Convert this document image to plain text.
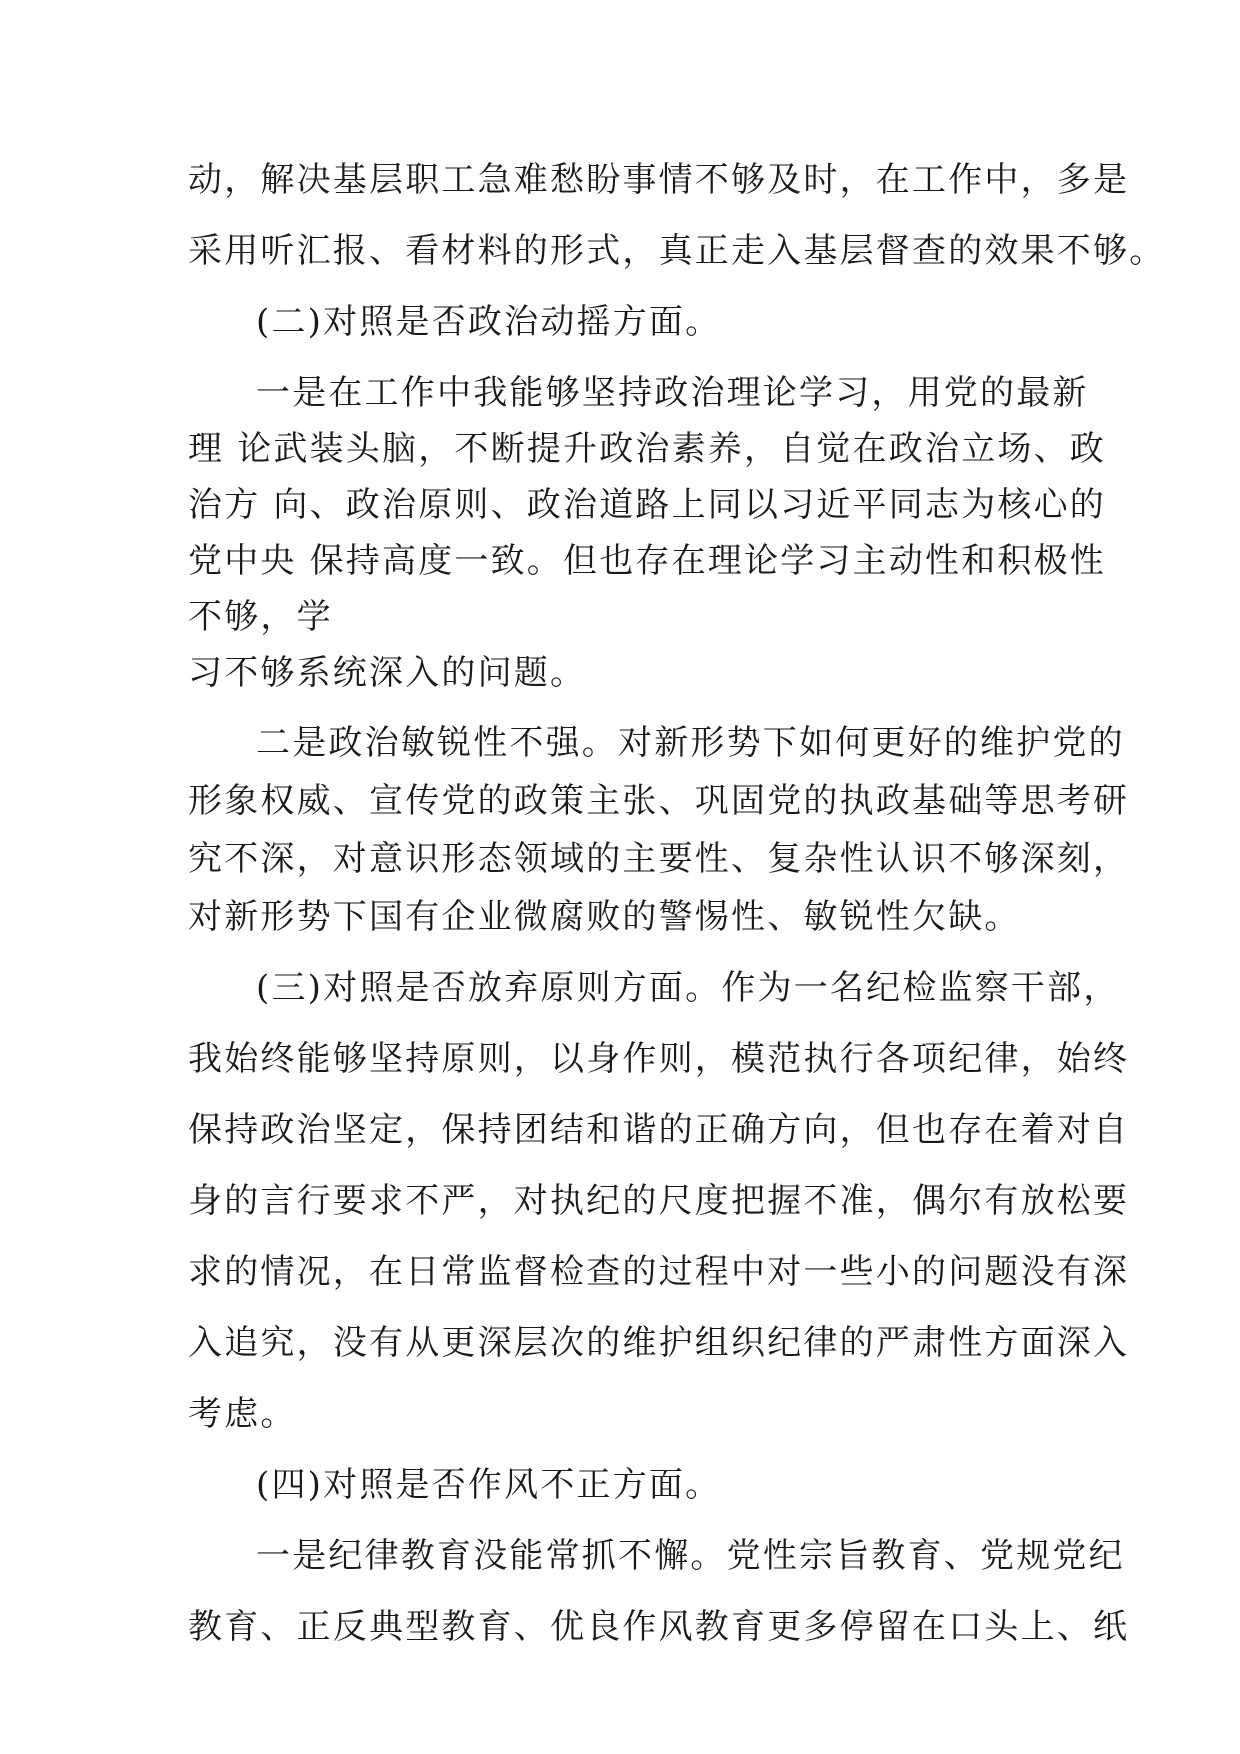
动，解决基层职工急难愁盼事情不够及时，在工作中，多是
采用听汇报、看材料的形式，真正走入基层督查的效果不够。
(二)对照是否政治动摇方面。
一是在工作中我能够坚持政治理论学习，用党的最新
理 论武装头脑，不断提升政治素养，自觉在政治立场、政
治方 向、政治原则、政治道路上同以习近平同志为核心的
党中央 保持高度一致。但也存在理论学习主动性和积极性
不够，学
习不够系统深入的问题。
二是政治敏锐性不强。对新形势下如何更好的维护党的
形象权威、宣传党的政策主张、巩固党的执政基础等思考研
究不深，对意识形态领域的主要性、复杂性认识不够深刻，
对新形势下国有企业微腐败的警惕性、敏锐性欠缺。
(三)对照是否放弃原则方面。作为一名纪检监察干部，
我始终能够坚持原则，以身作则，模范执行各项纪律，始终
保持政治坚定，保持团结和谐的正确方向，但也存在着对自
身的言行要求不严，对执纪的尺度把握不准，偶尔有放松要
求的情况，在日常监督检查的过程中对一些小的问题没有深
入追究，没有从更深层次的维护组织纪律的严肃性方面深入
考虑。
(四)对照是否作风不正方面。
一是纪律教育没能常抓不懈。党性宗旨教育、党规党纪
教育、正反典型教育、优良作风教育更多停留在口头上、纸
